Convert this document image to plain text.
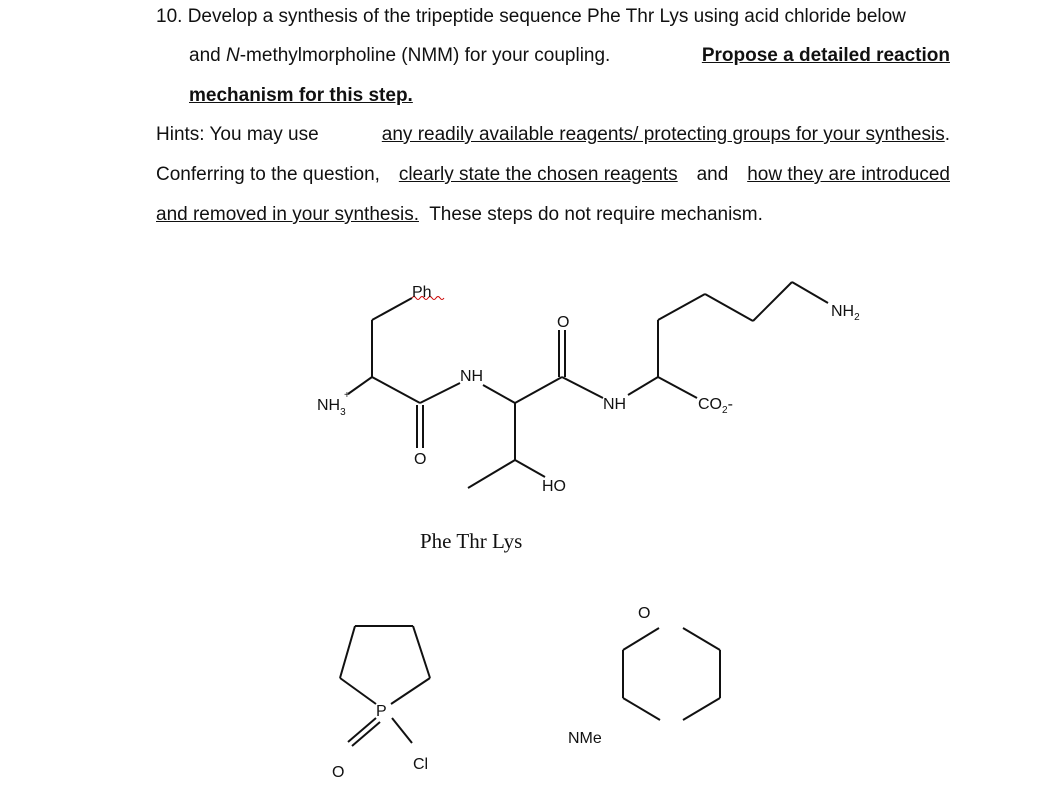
10. Develop a synthesis of the tripeptide sequence Phe Thr Lys using acid chloride below
and N-methylmorpholine (NMM) for your coupling.	Propose a detailed reaction
mechanism for this step.
Hints: You may use	any readily available reagents/ protecting groups for your synthesis.
Conferring to the question, clearly state the chosen reagents and how they are introduced
and removed in your synthesis. These steps do not require mechanism.
$NH_3$
+
Ph
O
NH
O
HO
NH	$CO_2-$
$NH_2$
Phe Thr Lys
P
O	Cl
O
NMe
